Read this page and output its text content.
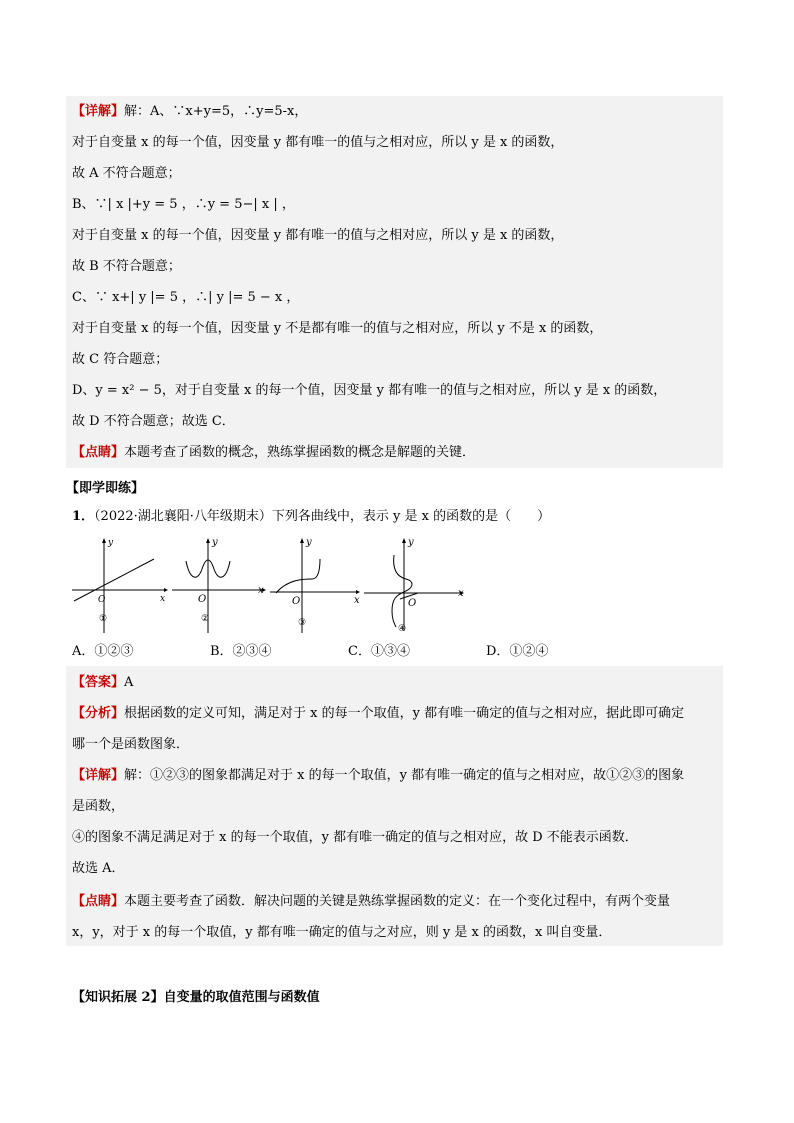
【详解】解：A、∵x+y=5，∴y=5-x，
对于自变量 x 的每一个值，因变量 y 都有唯一的值与之相对应，所以 y 是 x 的函数，
故 A 不符合题意；
B、∵| x |+y = 5 ，∴y = 5−| x | ，
对于自变量 x 的每一个值，因变量 y 都有唯一的值与之相对应，所以 y 是 x 的函数，
故 B 不符合题意；
C、∵ x+| y |= 5 ，∴| y |= 5 − x ，
对于自变量 x 的每一个值，因变量 y 不是都有唯一的值与之相对应，所以 y 不是 x 的函数，
故 C 符合题意；
D、y = x² − 5，对于自变量 x 的每一个值，因变量 y 都有唯一的值与之相对应，所以 y 是 x 的函数，
故 D 不符合题意；故选 C．
【点睛】本题考查了函数的概念，熟练掌握函数的概念是解题的关键．
【即学即练】
1．（2022·湖北襄阳·八年级期末）下列各曲线中，表示 y 是 x 的函数的是（　　）
x
y
O
①
x
y
O
②
x
y
O
③
x
y
O
④
A．①②③	B．②③④	C．①③④	D．①②④
【答案】A
【分析】根据函数的定义可知，满足对于 x 的每一个取值，y 都有唯一确定的值与之相对应，据此即可确定
哪一个是函数图象．
【详解】解：①②③的图象都满足对于 x 的每一个取值，y 都有唯一确定的值与之相对应，故①②③的图象
是函数，
④的图象不满足满足对于 x 的每一个取值，y 都有唯一确定的值与之相对应，故 D 不能表示函数．
故选 A．
【点睛】本题主要考查了函数．解决问题的关键是熟练掌握函数的定义：在一个变化过程中，有两个变量
x，y，对于 x 的每一个取值，y 都有唯一确定的值与之对应，则 y 是 x 的函数，x 叫自变量．
【知识拓展 2】自变量的取值范围与函数值
